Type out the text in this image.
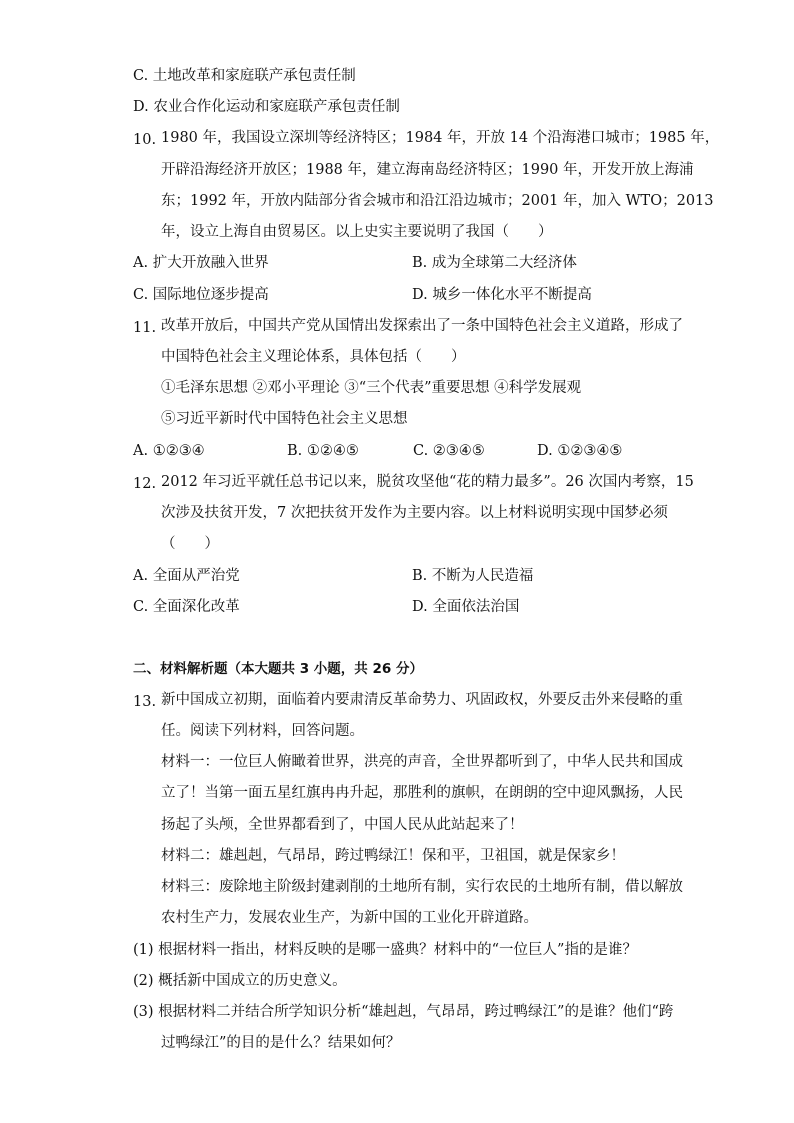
C. 土地改革和家庭联产承包责任制
D. 农业合作化运动和家庭联产承包责任制
10. 1980 年，我国设立深圳等经济特区；1984 年，开放 14 个沿海港口城市；1985 年，
开辟沿海经济开放区；1988 年，建立海南岛经济特区；1990 年，开发开放上海浦
东；1992 年，开放内陆部分省会城市和沿江沿边城市；2001 年，加入 WTO；2013
年，设立上海自由贸易区。以上史实主要说明了我国（　　）
A. 扩大开放融入世界	B. 成为全球第二大经济体
C. 国际地位逐步提高	D. 城乡一体化水平不断提高
11. 改革开放后，中国共产党从国情出发探索出了一条中国特色社会主义道路，形成了
中国特色社会主义理论体系，具体包括（　　）
①毛泽东思想 ②邓小平理论 ③“三个代表”重要思想 ④科学发展观
⑤习近平新时代中国特色社会主义思想
A. ①②③④	B. ①②④⑤	C. ②③④⑤	D. ①②③④⑤
12. 2012 年习近平就任总书记以来，脱贫攻坚他“花的精力最多”。26 次国内考察，15
次涉及扶贫开发，7 次把扶贫开发作为主要内容。以上材料说明实现中国梦必须
（　　）
A. 全面从严治党	B. 不断为人民造福
C. 全面深化改革	D. 全面依法治国
二、材料解析题（本大题共 3 小题，共 26 分）
13. 新中国成立初期，面临着内要肃清反革命势力、巩固政权，外要反击外来侵略的重
任。阅读下列材料，回答问题。
材料一：一位巨人俯瞰着世界，洪亮的声音，全世界都听到了，中华人民共和国成
立了！当第一面五星红旗冉冉升起，那胜利的旗帜，在朗朗的空中迎风飘扬，人民
扬起了头颅，全世界都看到了，中国人民从此站起来了！
材料二：雄赳赳，气昂昂，跨过鸭绿江！保和平，卫祖国，就是保家乡！
材料三：废除地主阶级封建剥削的土地所有制，实行农民的土地所有制，借以解放
农村生产力，发展农业生产，为新中国的工业化开辟道路。
(1) 根据材料一指出，材料反映的是哪一盛典？材料中的“一位巨人”指的是谁？
(2) 概括新中国成立的历史意义。
(3) 根据材料二并结合所学知识分析“雄赳赳，气昂昂，跨过鸭绿江”的是谁？他们“跨
过鸭绿江”的目的是什么？结果如何？
